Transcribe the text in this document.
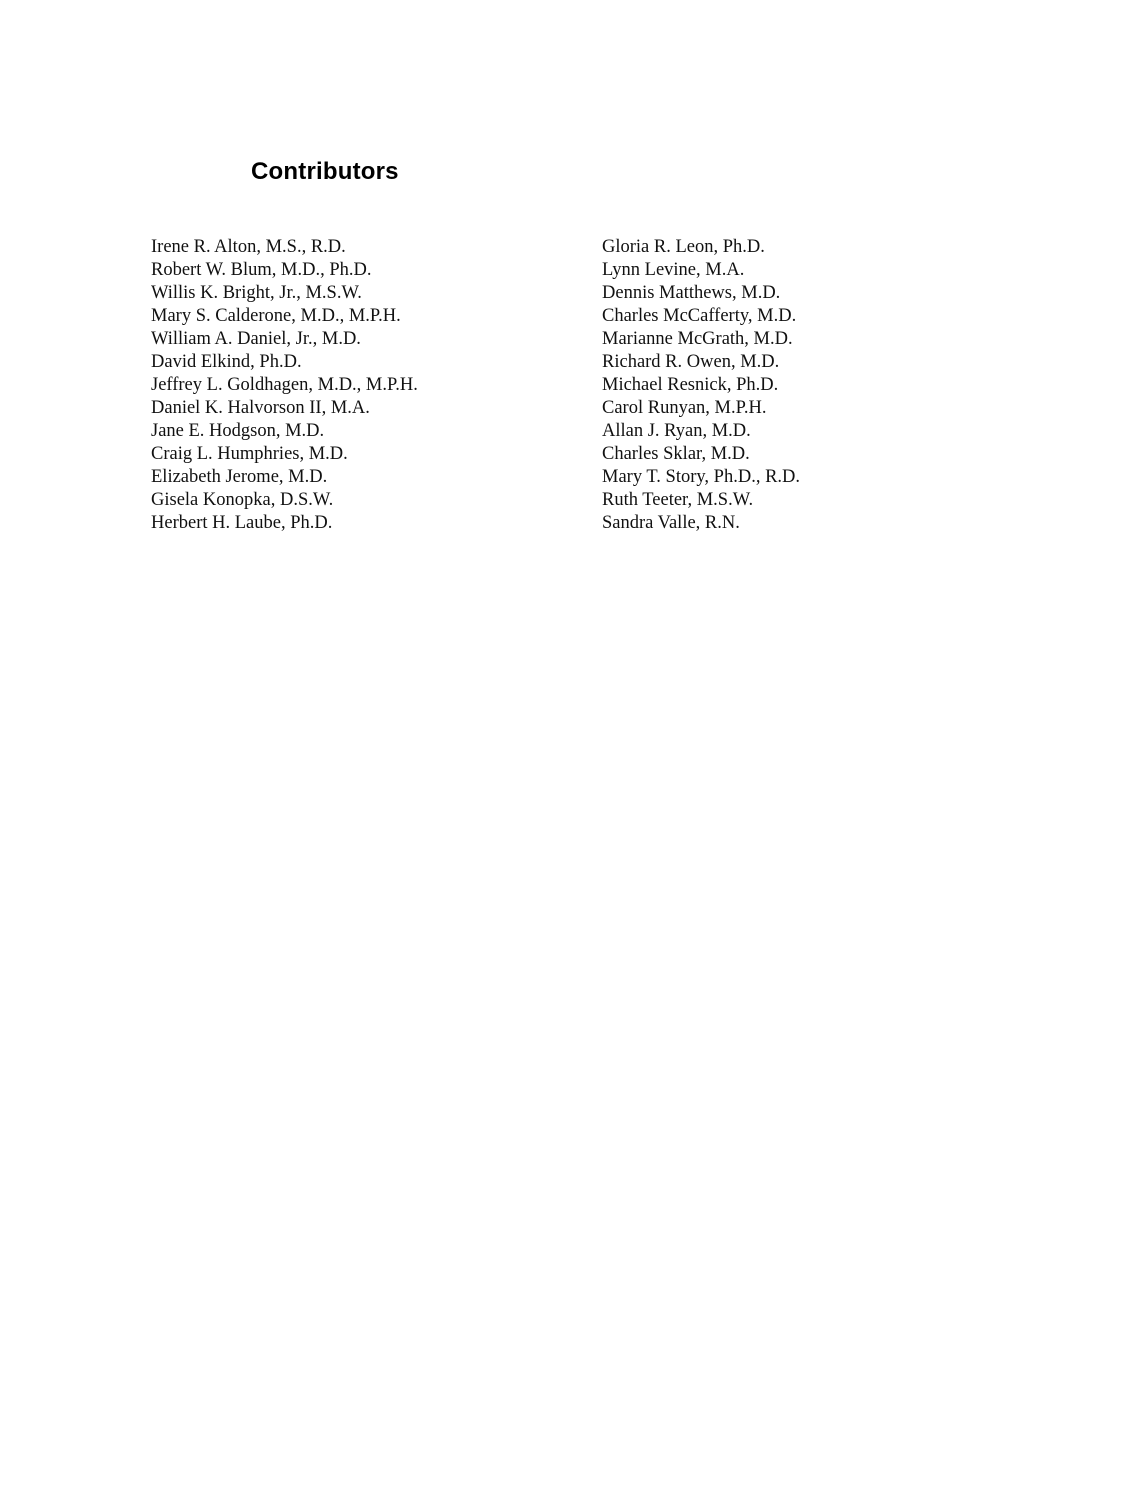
Contributors
Irene R. Alton, M.S., R.D.
Robert W. Blum, M.D., Ph.D.
Willis K. Bright, Jr., M.S.W.
Mary S. Calderone, M.D., M.P.H.
William A. Daniel, Jr., M.D.
David Elkind, Ph.D.
Jeffrey L. Goldhagen, M.D., M.P.H.
Daniel K. Halvorson II, M.A.
Jane E. Hodgson, M.D.
Craig L. Humphries, M.D.
Elizabeth Jerome, M.D.
Gisela Konopka, D.S.W.
Herbert H. Laube, Ph.D.
Gloria R. Leon, Ph.D.
Lynn Levine, M.A.
Dennis Matthews, M.D.
Charles McCafferty, M.D.
Marianne McGrath, M.D.
Richard R. Owen, M.D.
Michael Resnick, Ph.D.
Carol Runyan, M.P.H.
Allan J. Ryan, M.D.
Charles Sklar, M.D.
Mary T. Story, Ph.D., R.D.
Ruth Teeter, M.S.W.
Sandra Valle, R.N.
